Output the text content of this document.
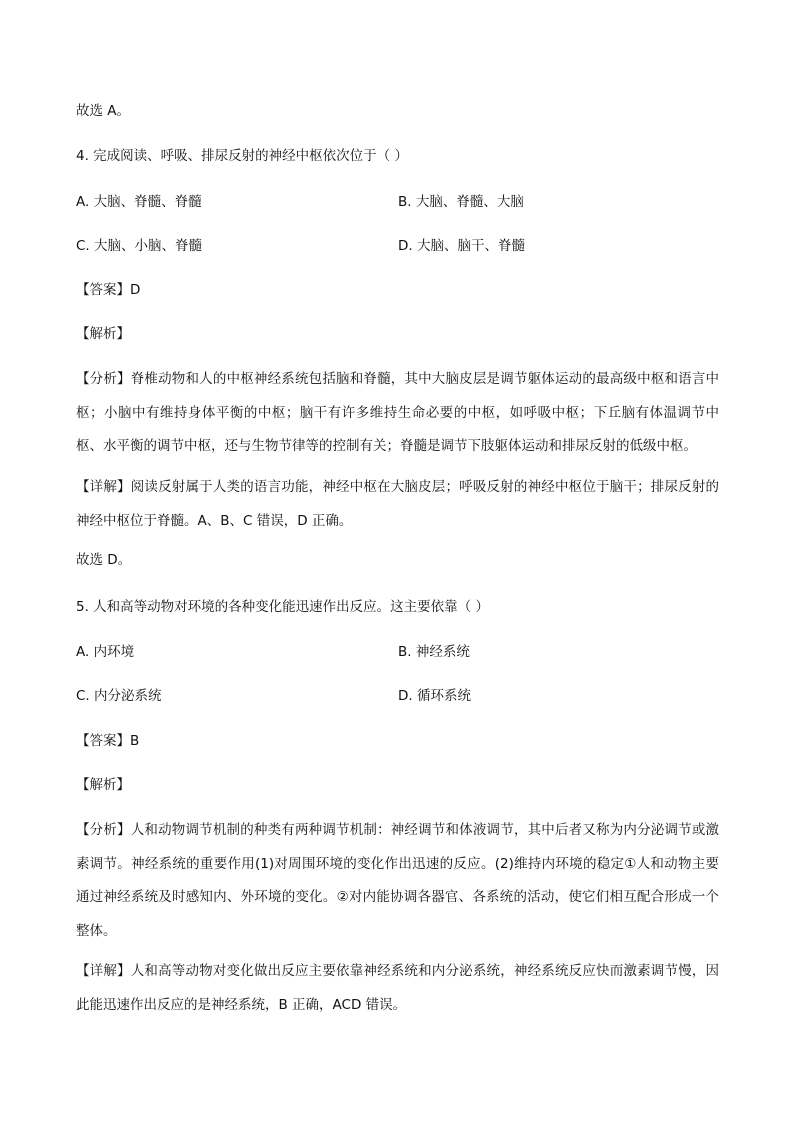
故选 A。
4. 完成阅读、呼吸、排尿反射的神经中枢依次位于（ ）
A. 大脑、脊髓、脊髓	B. 大脑、脊髓、大脑
C. 大脑、小脑、脊髓	D. 大脑、脑干、脊髓
【答案】D
【解析】
【分析】脊椎动物和人的中枢神经系统包括脑和脊髓，其中大脑皮层是调节躯体运动的最高级中枢和语言中枢；小脑中有维持身体平衡的中枢；脑干有许多维持生命必要的中枢，如呼吸中枢；下丘脑有体温调节中枢、水平衡的调节中枢，还与生物节律等的控制有关；脊髓是调节下肢躯体运动和排尿反射的低级中枢。
【详解】阅读反射属于人类的语言功能，神经中枢在大脑皮层；呼吸反射的神经中枢位于脑干；排尿反射的神经中枢位于脊髓。A、B、C 错误，D 正确。
故选 D。
5. 人和高等动物对环境的各种变化能迅速作出反应。这主要依靠（ ）
A. 内环境	B. 神经系统
C. 内分泌系统	D. 循环系统
【答案】B
【解析】
【分析】人和动物调节机制的种类有两种调节机制：神经调节和体液调节，其中后者又称为内分泌调节或激素调节。神经系统的重要作用(1)对周围环境的变化作出迅速的反应。(2)维持内环境的稳定①人和动物主要通过神经系统及时感知内、外环境的变化。②对内能协调各器官、各系统的活动，使它们相互配合形成一个整体。
【详解】人和高等动物对变化做出反应主要依靠神经系统和内分泌系统，神经系统反应快而激素调节慢，因此能迅速作出反应的是神经系统，B 正确，ACD 错误。
